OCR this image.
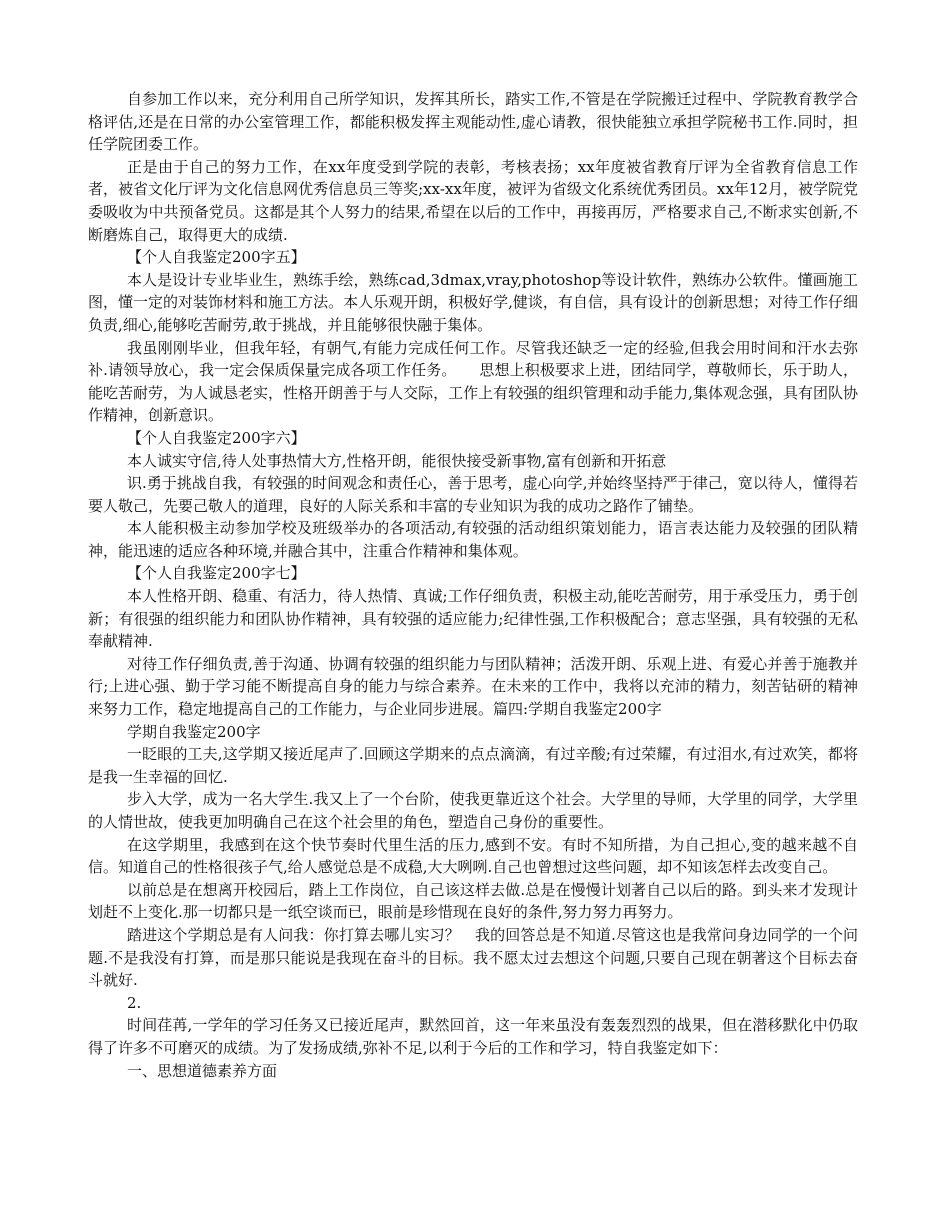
自参加工作以来，充分利用自己所学知识，发挥其所长，踏实工作,不管是在学院搬迁过程中、学院教育教学合格评估,还是在日常的办公室管理工作，都能积极发挥主观能动性,虚心请教，很快能独立承担学院秘书工作.同时，担任学院团委工作。

正是由于自己的努力工作，在xx年度受到学院的表彰，考核表扬；xx年度被省教育厅评为全省教育信息工作者，被省文化厅评为文化信息网优秀信息员三等奖;xx-xx年度，被评为省级文化系统优秀团员。xx年12月，被学院党委吸收为中共预备党员。这都是其个人努力的结果,希望在以后的工作中，再接再厉，严格要求自己,不断求实创新,不断磨炼自己，取得更大的成绩.

【个人自我鉴定200字五】

本人是设计专业毕业生，熟练手绘，熟练cad,3dmax,vray,photoshop等设计软件，熟练办公软件。懂画施工图，懂一定的对装饰材料和施工方法。本人乐观开朗，积极好学,健谈，有自信，具有设计的创新思想；对待工作仔细负责,细心,能够吃苦耐劳,敢于挑战，并且能够很快融于集体。

我虽刚刚毕业，但我年轻，有朝气,有能力完成任何工作。尽管我还缺乏一定的经验,但我会用时间和汗水去弥补.请领导放心，我一定会保质保量完成各项工作任务。　　思想上积极要求上进，团结同学，尊敬师长，乐于助人，能吃苦耐劳，为人诚恳老实，性格开朗善于与人交际，工作上有较强的组织管理和动手能力,集体观念强，具有团队协作精神，创新意识。

【个人自我鉴定200字六】

本人诚实守信,待人处事热情大方,性格开朗，能很快接受新事物,富有创新和开拓意

识.勇于挑战自我，有较强的时间观念和责任心，善于思考，虚心向学,并始终坚持严于律己，宽以待人，懂得若要人敬己，先要己敬人的道理，良好的人际关系和丰富的专业知识为我的成功之路作了铺垫。

本人能积极主动参加学校及班级举办的各项活动,有较强的活动组织策划能力，语言表达能力及较强的团队精神，能迅速的适应各种环境,并融合其中，注重合作精神和集体观。

【个人自我鉴定200字七】

本人性格开朗、稳重、有活力，待人热情、真诚;工作仔细负责，积极主动,能吃苦耐劳，用于承受压力，勇于创新；有很强的组织能力和团队协作精神，具有较强的适应能力;纪律性强,工作积极配合；意志坚强，具有较强的无私奉献精神.

对待工作仔细负责,善于沟通、协调有较强的组织能力与团队精神；活泼开朗、乐观上进、有爱心并善于施教并行;上进心强、勤于学习能不断提高自身的能力与综合素养。在未来的工作中，我将以充沛的精力，刻苦钻研的精神来努力工作，稳定地提高自己的工作能力，与企业同步进展。篇四:学期自我鉴定200字

学期自我鉴定200字

一眨眼的工夫,这学期又接近尾声了.回顾这学期来的点点滴滴，有过辛酸;有过荣耀，有过泪水,有过欢笑，都将是我一生幸福的回忆.

步入大学，成为一名大学生.我又上了一个台阶，使我更靠近这个社会。大学里的导师，大学里的同学，大学里的人情世故，使我更加明确自己在这个社会里的角色，塑造自己身份的重要性。

在这学期里，我感到在这个快节奏时代里生活的压力,感到不安。有时不知所措，为自己担心,变的越来越不自信。知道自己的性格很孩子气,给人感觉总是不成稳,大大咧咧.自己也曾想过这些问题，却不知该怎样去改变自己。

以前总是在想离开校园后，踏上工作岗位，自己该这样去做.总是在慢慢计划著自己以后的路。到头来才发现计划赶不上变化.那一切都只是一纸空谈而已，眼前是珍惜现在良好的条件,努力努力再努力。

踏进这个学期总是有人问我：你打算去哪儿实习？　我的回答总是不知道.尽管这也是我常问身边同学的一个问题.不是我没有打算，而是那只能说是我现在奋斗的目标。我不愿太过去想这个问题,只要自己现在朝著这个目标去奋斗就好.

2.

时间荏苒,一学年的学习任务又已接近尾声，默然回首，这一年来虽没有轰轰烈烈的战果，但在潜移默化中仍取得了许多不可磨灭的成绩。为了发扬成绩,弥补不足,以利于今后的工作和学习，特自我鉴定如下：

一、思想道德素养方面
